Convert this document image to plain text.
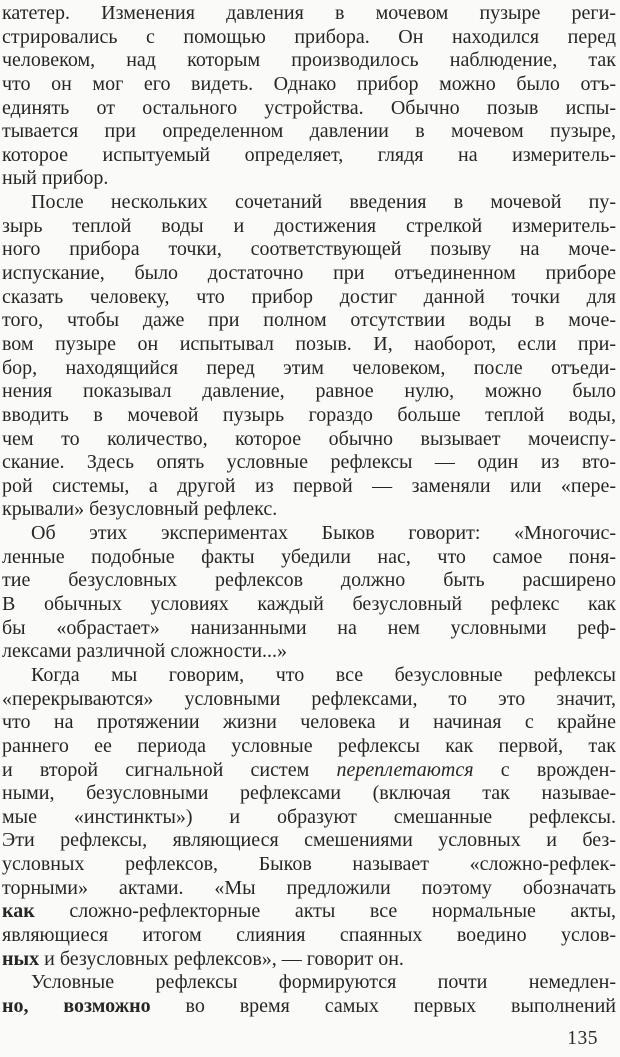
катетер. Изменения давления в мочевом пузыре реги-
стрировались с помощью прибора. Он находился перед
человеком, над которым производилось наблюдение, так
что он мог его видеть. Однако прибор можно было отъ-
единять от остального устройства. Обычно позыв испы-
тывается при определенном давлении в мочевом пузыре,
которое испытуемый определяет, глядя на измеритель-
ный прибор.
После нескольких сочетаний введения в мочевой пу-
зырь теплой воды и достижения стрелкой измеритель-
ного прибора точки, соответствующей позыву на моче-
испускание, было достаточно при отъединенном приборе
сказать человеку, что прибор достиг данной точки для
того, чтобы даже при полном отсутствии воды в моче-
вом пузыре он испытывал позыв. И, наоборот, если при-
бор, находящийся перед этим человеком, после отъеди-
нения показывал давление, равное нулю, можно было
вводить в мочевой пузырь гораздо больше теплой воды,
чем то количество, которое обычно вызывает мочеиспу-
скание. Здесь опять условные рефлексы — один из вто-
рой системы, а другой из первой — заменяли или «пере-
крывали» безусловный рефлекс.
Об этих экспериментах Быков говорит: «Многочис-
ленные подобные факты убедили нас, что самое поня-
тие безусловных рефлексов должно быть расширено
В обычных условиях каждый безусловный рефлекс как
бы «обрастает» нанизанными на нем условными реф-
лексами различной сложности...»
Когда мы говорим, что все безусловные рефлексы
«перекрываются» условными рефлексами, то это значит,
что на протяжении жизни человека и начиная с крайне
раннего ее периода условные рефлексы как первой, так
и второй сигнальной систем переплетаются с врожден-
ными, безусловными рефлексами (включая так называе-
мые «инстинкты») и образуют смешанные рефлексы.
Эти рефлексы, являющиеся смешениями условных и без-
условных рефлексов, Быков называет «сложно-рефлек-
торными» актами. «Мы предложили поэтому обозначать
как сложно-рефлекторные акты все нормальные акты,
являющиеся итогом слияния спаянных воедино услов-
ных и безусловных рефлексов», — говорит он.
Условные рефлексы формируются почти немедлен-
но, возможно во время самых первых выполнений
135
